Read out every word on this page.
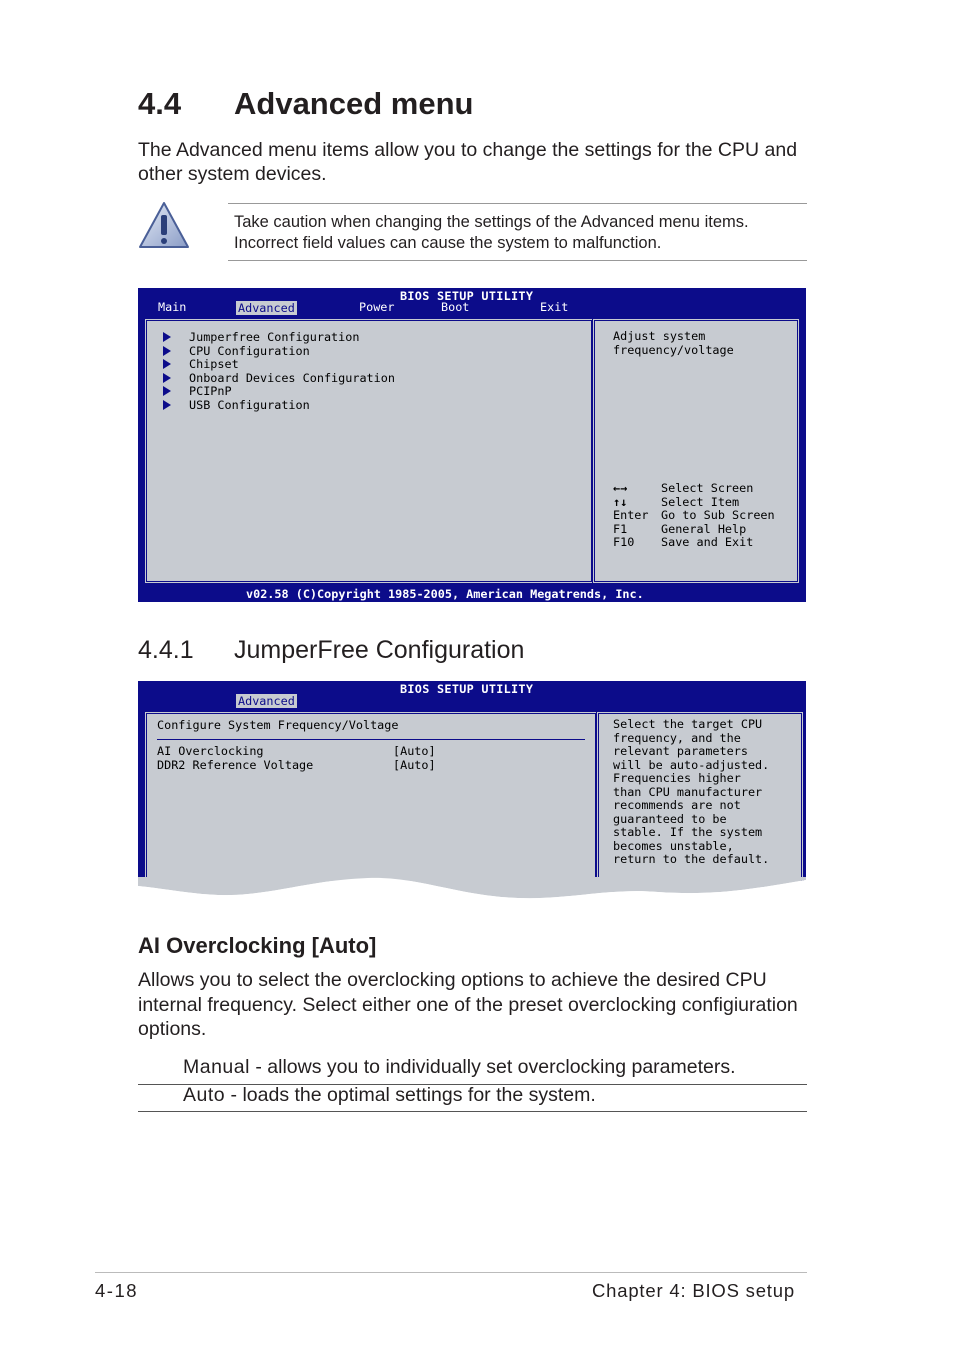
4.4 Advanced menu

The Advanced menu items allow you to change the settings for the CPU and other system devices.

Take caution when changing the settings of the Advanced menu items. Incorrect field values can cause the system to malfunction.

BIOS SETUP UTILITY
Main	Advanced	Power	Boot	Exit
Jumperfree Configuration
CPU Configuration
Chipset
Onboard Devices Configuration
PCIPnP
USB Configuration
Adjust system
frequency/voltage
←→	Select Screen
↑↓	Select Item
Enter Go to Sub Screen
F1	General Help
F10 Save and Exit
v02.58 (C)Copyright 1985-2005, American Megatrends, Inc.
4.4.1 JumperFree Configuration
BIOS SETUP UTILITY
Advanced
Configure System Frequency/Voltage
AI Overclocking	[Auto]
DDR2 Reference Voltage	[Auto]
Select the target CPU
frequency, and the
relevant parameters
will be auto-adjusted.
Frequencies higher
than CPU manufacturer
recommends are not
guaranteed to be
stable. If the system
becomes unstable,
return to the default.
AI Overclocking [Auto]

Allows you to select the overclocking options to achieve the desired CPU internal frequency. Select either one of the preset overclocking configiuration options.

Manual - allows you to individually set overclocking parameters.

Auto - loads the optimal settings for the system.

4-18	Chapter 4: BIOS setup
